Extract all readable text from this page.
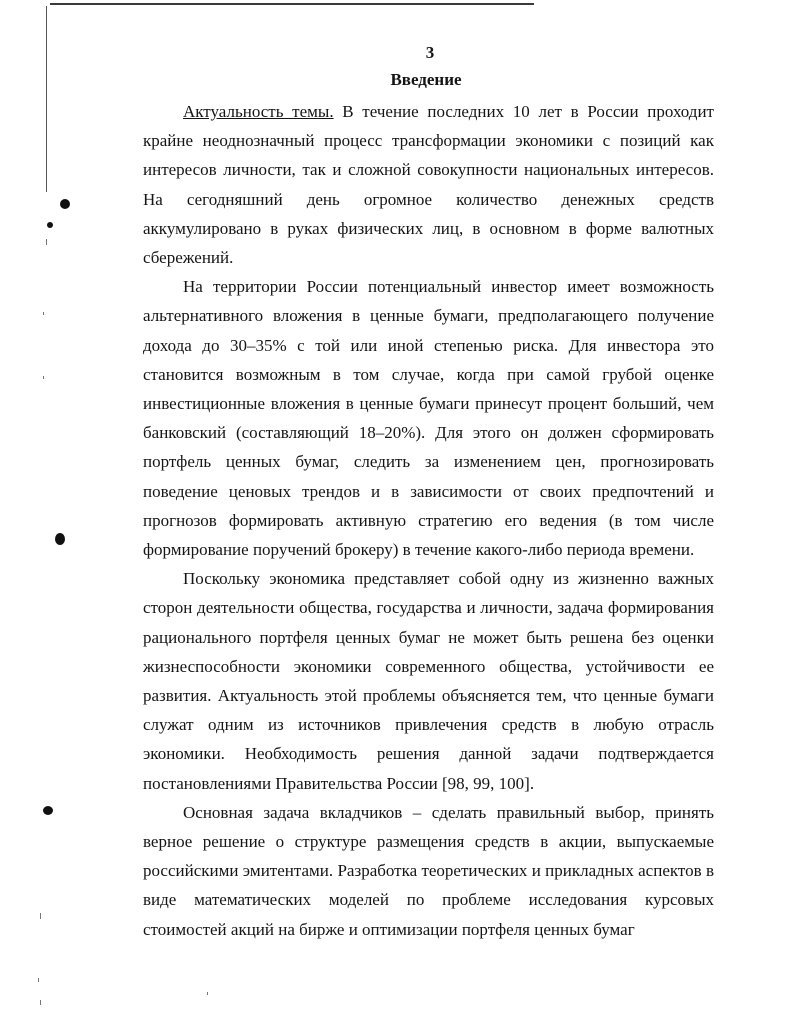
3
Введение

Актуальность темы. В течение последних 10 лет в России проходит крайне неоднозначный процесс трансформации экономики с позиций как интересов личности, так и сложной совокупности национальных интересов. На сегодняшний день огромное количество денежных средств аккумулировано в руках физических лиц, в основном в форме валютных сбережений.

На территории России потенциальный инвестор имеет возможность альтернативного вложения в ценные бумаги, предполагающего получение дохода до 30–35% с той или иной степенью риска. Для инвестора это становится возможным в том случае, когда при самой грубой оценке инвестиционные вложения в ценные бумаги принесут процент больший, чем банковский (составляющий 18–20%). Для этого он должен сформировать портфель ценных бумаг, следить за изменением цен, прогнозировать поведение ценовых трендов и в зависимости от своих предпочтений и прогнозов формировать активную стратегию его ведения (в том числе формирование поручений брокеру) в течение какого-либо периода времени.

Поскольку экономика представляет собой одну из жизненно важных сторон деятельности общества, государства и личности, задача формирования рационального портфеля ценных бумаг не может быть решена без оценки жизнеспособности экономики современного общества, устойчивости ее развития. Актуальность этой проблемы объясняется тем, что ценные бумаги служат одним из источников привлечения средств в любую отрасль экономики. Необходимость решения данной задачи подтверждается постановлениями Правительства России [98, 99, 100].

Основная задача вкладчиков – сделать правильный выбор, принять верное решение о структуре размещения средств в акции, выпускаемые российскими эмитентами. Разработка теоретических и прикладных аспектов в виде математических моделей по проблеме исследования курсовых стоимостей акций на бирже и оптимизации портфеля ценных бумаг
